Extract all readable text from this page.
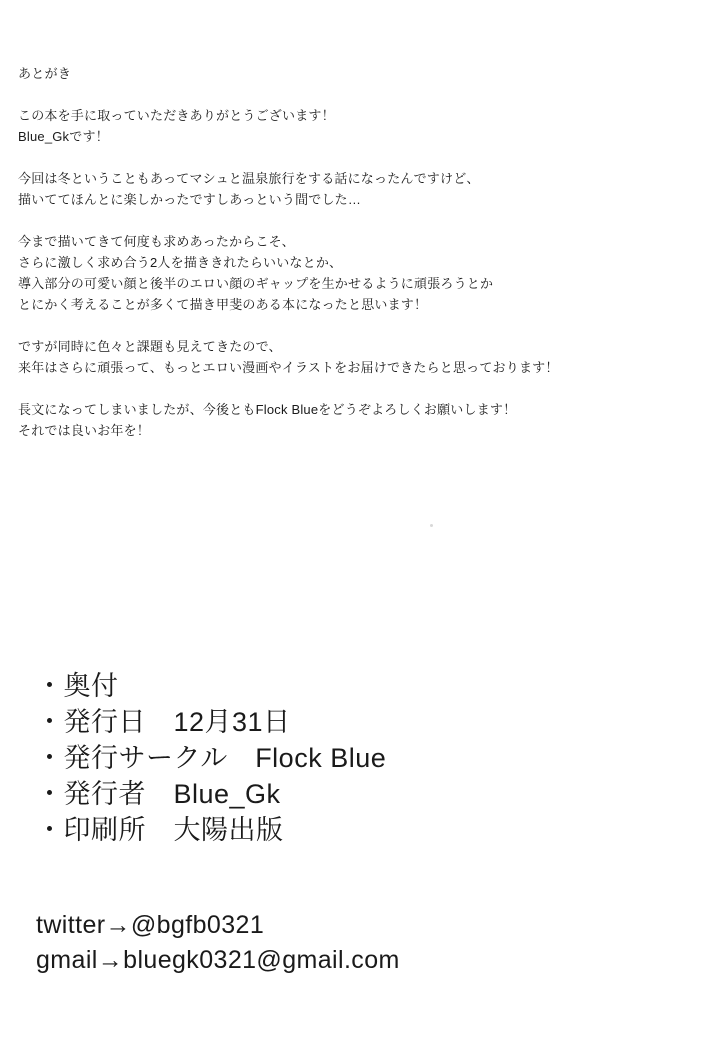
あとがき

この本を手に取っていただきありがとうございます！
Blue_Gkです！
今回は冬ということもあってマシュと温泉旅行をする話になったんですけど、
描いててほんとに楽しかったですしあっという間でした…
今まで描いてきて何度も求めあったからこそ、
さらに激しく求め合う2人を描ききれたらいいなとか、
導入部分の可愛い顔と後半のエロい顔のギャップを生かせるように頑張ろうとか
とにかく考えることが多くて描き甲斐のある本になったと思います！
ですが同時に色々と課題も見えてきたので、
来年はさらに頑張って、もっとエロい漫画やイラストをお届けできたらと思っております！
長文になってしまいましたが、今後ともFlock Blueをどうぞよろしくお願いします！
それでは良いお年を！

・奥付

・発行日　12月31日

・発行サークル　Flock Blue

・発行者　Blue_Gk

・印刷所　大陽出版

twitter→@bgfb0321

gmail→bluegk0321@gmail.com
